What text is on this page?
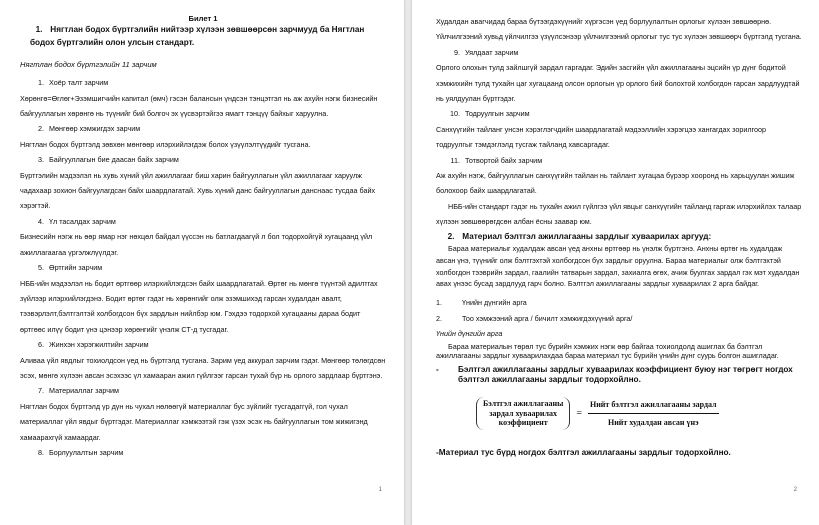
Билет 1
1. Нягтлан бодох бүртгэлийн нийтээр хүлээн зөвшөөрсөн зарчмууд ба Нягтлан бодох бүртгэлийн олон улсын стандарт.
Нягтлан бодох бүртгэлийн 11 зарчим
1. Хоёр талт зарчим
Хөрөнгө=Өглөг+Эзэмшигчийн капитал (өмч) гэсэн балансын үндсэн тэнцэтгэл нь аж ахуйн нэгж бизнесийн байгууллагын хөрөнгө нь түүнийг бий болгоч эх үүсвэртэйгээ ямагт тэнцүү байхыг харуулна.
2. Мөнгөөр хэмжигдэх зарчим
Нягтлан бодох бүртгэлд зөвхөн мөнгөөр илэрхийлэгдэж болох үзүүлэлтүүдийг тусгана.
3. Байгууллагын бие даасан байх зарчим
Бүртгэлийн мэдээлэл нь хувь хүний үйл ажиллагааг биш харин байгууллагын үйл ажиллагааг харуулж чадахаар зохион байгуулагдсан байх шаардлагатай. Хувь хүний данс байгууллагын данснаас тусдаа байх хэрэгтэй.
4. Үл тасалдах зарчим
Бизнесийн нэгж нь өөр ямар нэг нөхцөл байдал үүссэн нь батлагдаагүй л бол тодорхойгүй хугацаанд үйл ажиллагаагаа үргэлжлүүлдэг.
5. Өртгийн зарчим
НББ-ийн мэдээлэл нь бодит өртгөөр илэрхийлэгдсэн байх шаардлагатай. Өртөг нь мөнгө түүнтэй адилтгах зүйлээр илэрхийлэгдэнэ. Бодит өртөг гэдэг нь хөрөнгийг олж эзэмшихэд гарсан худалдан авалт, тээвэрлэлт,бэлтгэлтэй холбогдсон бүх зардлын нийлбэр юм. Гэхдээ тодорхой хугацааны дараа бодит өртгөөс илүү бодит үнэ цэнээр хөрөнгийг үнэлж СТ-д тусгадаг.
6. Жинхэн хэрэгжилтийн зарчим
Аливаа үйл явдлыг тохиолдсон үед нь бүртгэлд тусгана. Зарим үед аккурал зарчим гэдэг. Мөнгөөр төлөгдсөн эсэх, мөнгө хүлээн авсан эсэхээс үл хамааран ажил гүйлгээг гарсан тухай бүр нь орлого зардлаар бүртгэнэ.
7. Материаллаг зарчим
Нягтлан бодох бүртгэлд үр дүн нь чухал нөлөөгүй материаллаг бус зүйлийг тусгадаггүй, гол чухал материаллаг үйл явдыг бүртгэдэг. Материаллаг хэмжээтэй гэж үзэх эсэх нь байгууллагын том жижигэнд хамаарахгүй хамаардаг.
8. Борлуулалтын зарчим
1
Худалдан авагчидад бараа бүтээгдэхүүнийг хүргэсэн үед борлуулалтын орлогыг хүлээн зөвшөөрнө. Үйлчилгээний хувьд үйлчилгээ үзүүлсэнээр үйлчилгээний орлогыг тус тус хүлээн зөвшөөрч бүртгэлд тусгана.
9. Уялдаат зарчим
Орлого олохын тулд зайлшгүй зардал гаргадаг. Эдийн засгийн үйл ажиллагааны эцсийн үр дүнг бодитой хэмжихийн тулд тухайн цаг хугацаанд олсон орлогын үр орлого бий болохтой холбогдон гарсан зардлуудтай нь уялдуулан бүртгэдэг.
10. Тодруулгын зарчим
Санхүүгийн тайланг унсэн хэрэглэгчдийн шаардлагатай мэдээллийн хэрэгцээ хангагдах зорилгоор тодруулгыг тэмдэглэлд тусгаж тайланд хавсаргадаг.
11. Тотвортой байх зарчим
Аж ахуйн нэгж, байгууллагын санхүүгийн тайлан нь тайлант хугацаа бүрээр хооронд нь харьцуулан жишиж болохоор байх шаардлагатай.
НББ-ийн стандарт гэдэг нь тухайн ажил гүйлгээ үйл явцыг санхүүгийн тайланд гаргаж илэрхийлэх талаар хүлээн зөвшөөрөгдсөн албан ёсны заавар юм.
2. Материал бэлтгэл ажиллагааны зардлыг хуваарилах аргууд:
Бараа материалыг худалдаж авсан үед анхны өртгөөр нь үнэлж бүртгэнэ. Анхны өртөг нь худалдаж авсан үнэ, түүнийг олж бэлтгэхтэй холбогдсон бүх зардлыг оруулна. Бараа материалыг олж бэлтгэхтэй холбогдон тээврийн зардал, гаалийн татварын зардал, захиалга өгөх, ачиж буулгах зардал гэх мэт худалдан авах үнээс бусад зардлууд гарч болно. Бэлтгэл ажиллагааны зардлыг хуваарилах 2 арга байдаг.
1.	Үнийн дүнгийн арга
2.	Тоо хэмжээний арга / бичилт хэмжигдэхүүний арга/
Үнийн дүнгийн арга
Бараа материалын төрөл тус бүрийн хэмжих нэгж өөр байгаа тохиолдолд ашиглах ба бэлтгэл ажиллагааны зардлыг хуваарилахдаа бараа материал тус бүрийн үнийн дүнг суурь болгон ашигладаг.
-	Бэлтгэл ажиллагааны зардлыг хуваарилах коэффициент буюу нэг төгрөгт ногдох бэлтгэл ажиллагааны зардлыг тодорхойлно.
Бэлтгэл ажиллагааны
зардал хуваарилах
коэффициент
= $\frac{\text{Нийт бэлтгэл ажиллагааны зардал}}{\text{Нийт худалдан авсан үнэ}}$
-Материал тус бүрд ногдох бэлтгэл ажиллагааны зардлыг тодорхойлно.
2
